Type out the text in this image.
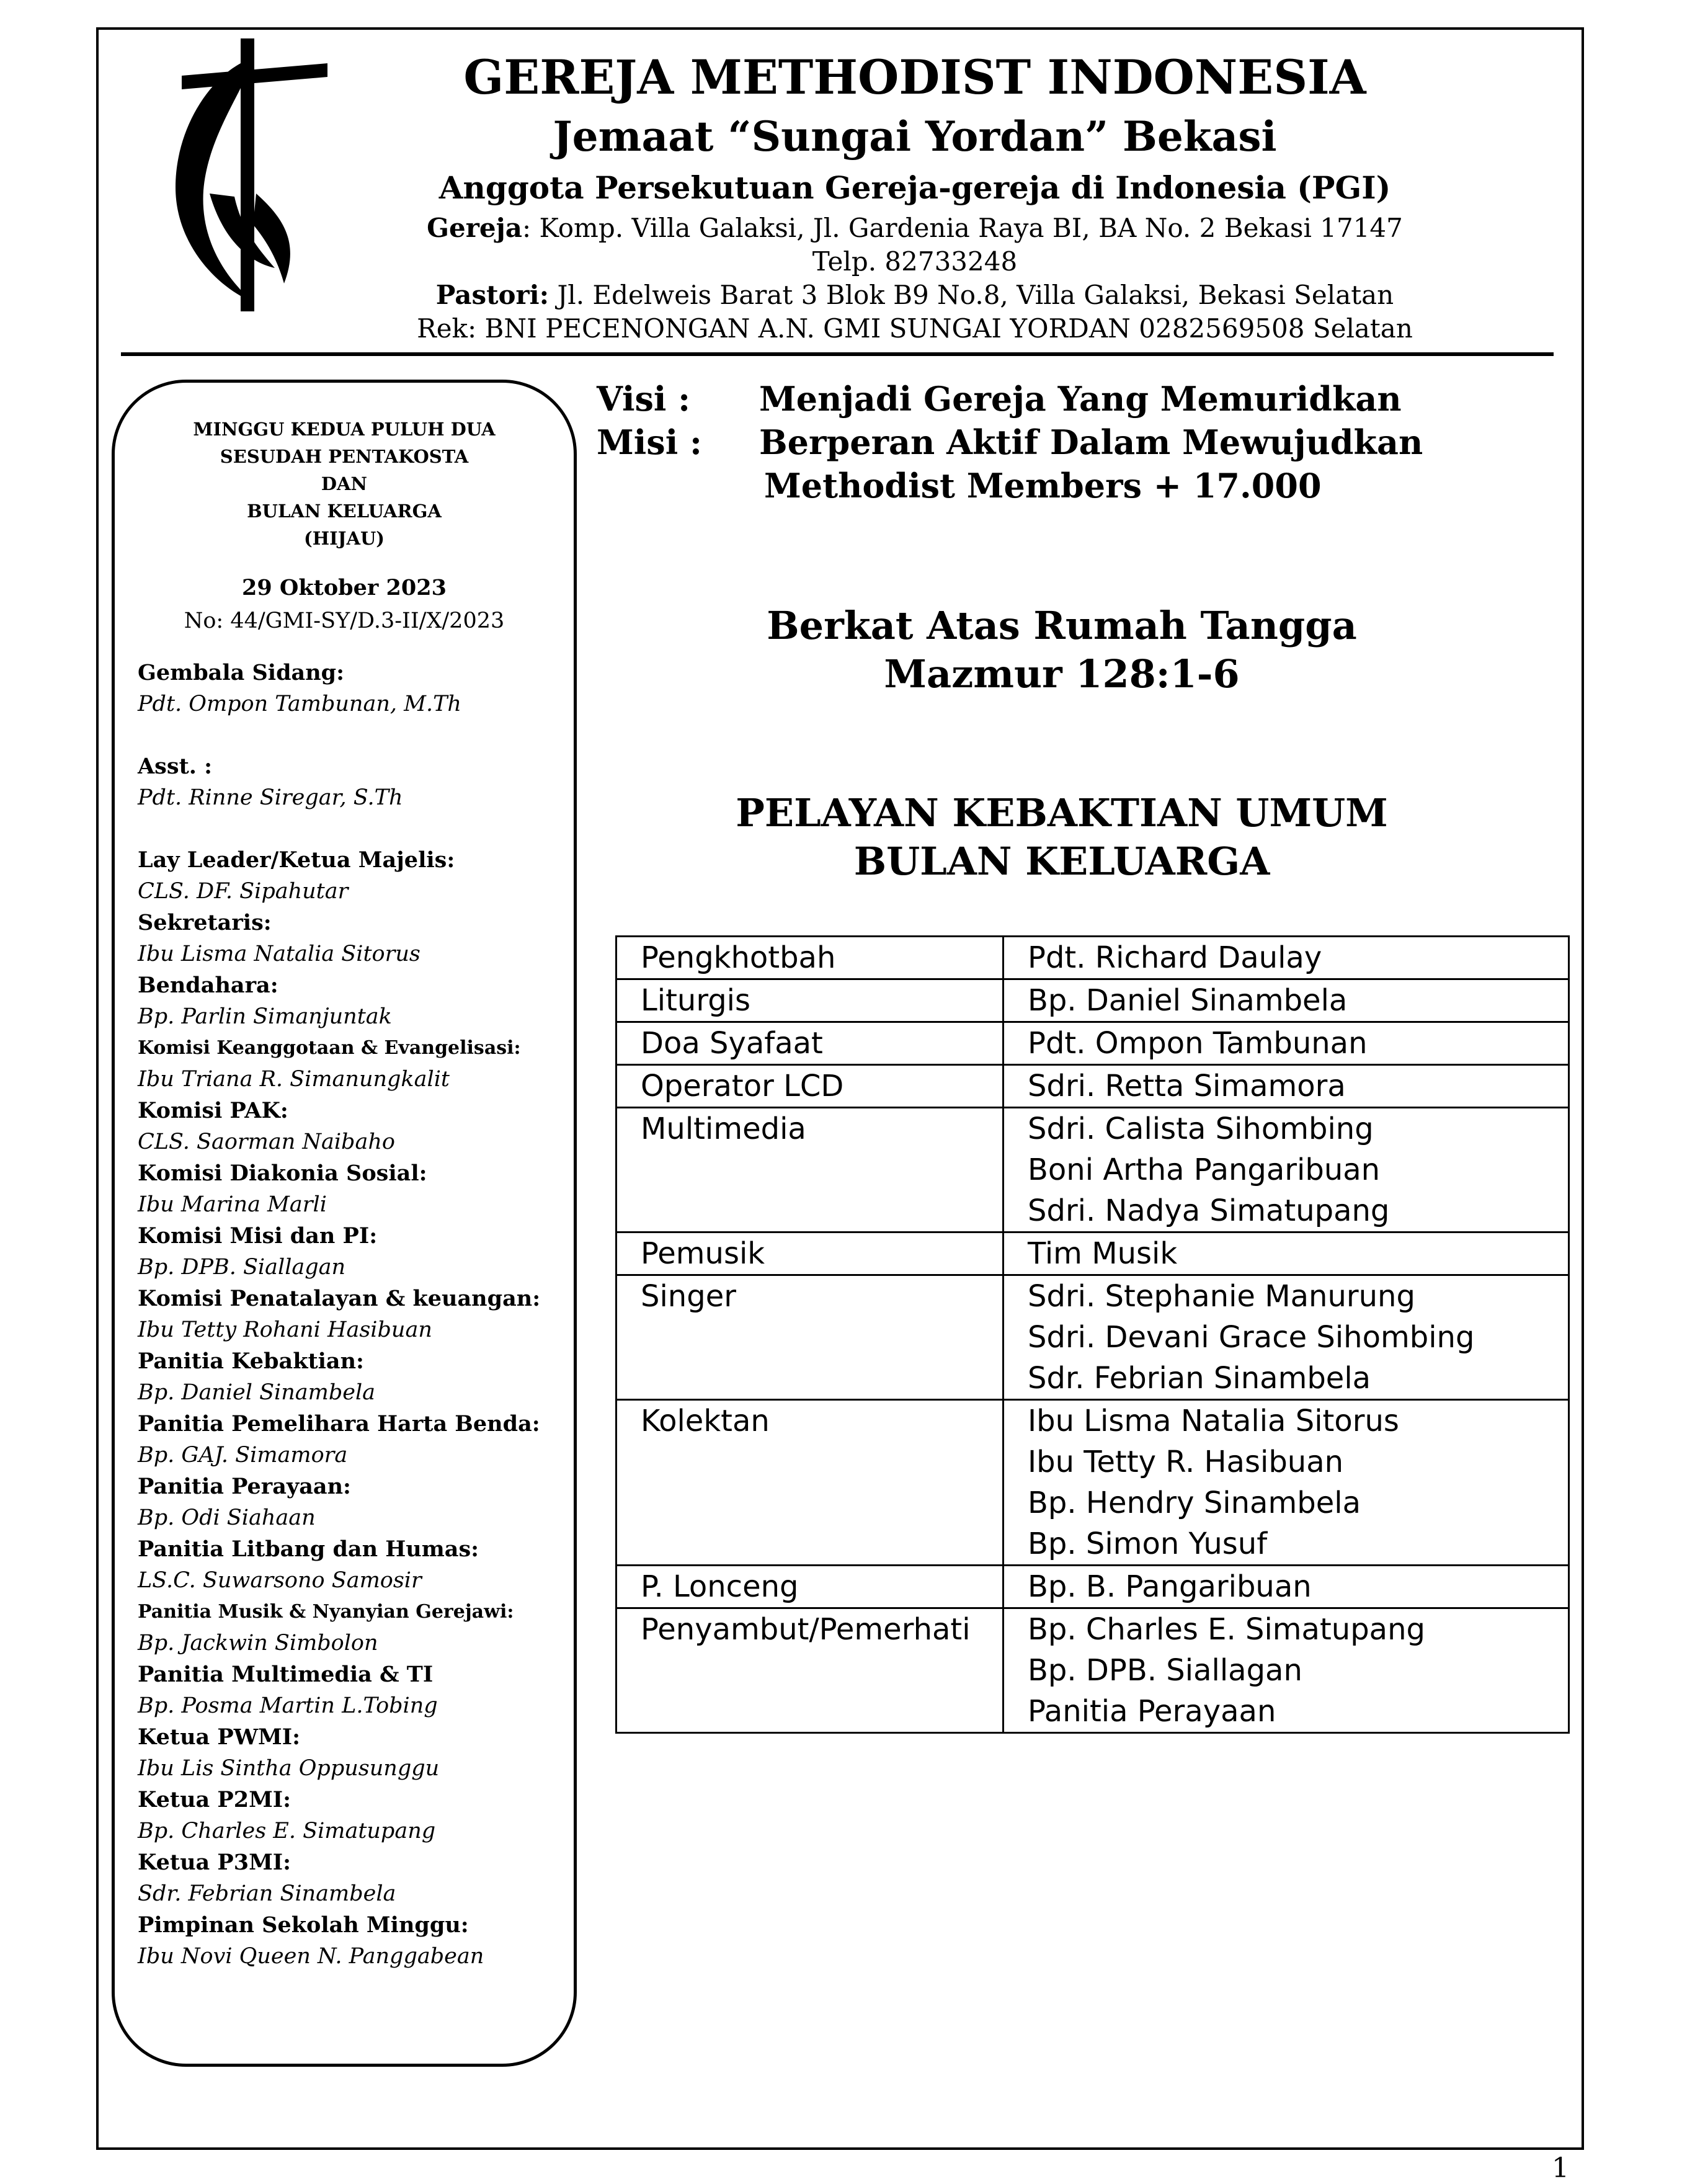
GEREJA METHODIST INDONESIA
Jemaat “Sungai Yordan” Bekasi
Anggota Persekutuan Gereja-gereja di Indonesia (PGI)
Gereja: Komp. Villa Galaksi, Jl. Gardenia Raya BI, BA No. 2 Bekasi 17147
Telp. 82733248
Pastori: Jl. Edelweis Barat 3 Blok B9 No.8, Villa Galaksi, Bekasi Selatan
Rek: BNI PECENONGAN A.N. GMI SUNGAI YORDAN 0282569508 Selatan
MINGGU KEDUA PULUH DUA
SESUDAH PENTAKOSTA
DAN
BULAN KELUARGA
(HIJAU)
29 Oktober 2023
No: 44/GMI-SY/D.3-II/X/2023
Gembala Sidang:
Pdt. Ompon Tambunan, M.Th
Asst. :
Pdt. Rinne Siregar, S.Th
Lay Leader/Ketua Majelis:
CLS. DF. Sipahutar
Sekretaris:
Ibu Lisma Natalia Sitorus
Bendahara:
Bp. Parlin Simanjuntak
Komisi Keanggotaan & Evangelisasi:
Ibu Triana R. Simanungkalit
Komisi PAK:
CLS. Saorman Naibaho
Komisi Diakonia Sosial:
Ibu Marina Marli
Komisi Misi dan PI:
Bp. DPB. Siallagan
Komisi Penatalayan & keuangan:
Ibu Tetty Rohani Hasibuan
Panitia Kebaktian:
Bp. Daniel Sinambela
Panitia Pemelihara Harta Benda:
Bp. GAJ. Simamora
Panitia Perayaan:
Bp. Odi Siahaan
Panitia Litbang dan Humas:
LS.C. Suwarsono Samosir
Panitia Musik & Nyanyian Gerejawi:
Bp. Jackwin Simbolon
Panitia Multimedia & TI
Bp. Posma Martin L.Tobing
Ketua PWMI:
Ibu Lis Sintha Oppusunggu
Ketua P2MI:
Bp. Charles E. Simatupang
Ketua P3MI:
Sdr. Febrian Sinambela
Pimpinan Sekolah Minggu:
Ibu Novi Queen N. Panggabean
Visi : Menjadi Gereja Yang Memuridkan
Misi : Berperan Aktif Dalam Mewujudkan
Methodist Members + 17.000
Berkat Atas Rumah Tangga
Mazmur 128:1-6
PELAYAN KEBAKTIAN UMUM
BULAN KELUARGA
Pengkhotbah	Pdt. Richard Daulay

Liturgis	Bp. Daniel Sinambela

Doa Syafaat	Pdt. Ompon Tambunan

Operator LCD	Sdri. Retta Simamora

Multimedia	Sdri. Calista Sihombing
Boni Artha Pangaribuan
Sdri. Nadya Simatupang

Pemusik	Tim Musik

Singer	Sdri. Stephanie Manurung
Sdri. Devani Grace Sihombing
Sdr. Febrian Sinambela

Kolektan	Ibu Lisma Natalia Sitorus
Ibu Tetty R. Hasibuan
Bp. Hendry Sinambela
Bp. Simon Yusuf

P. Lonceng	Bp. B. Pangaribuan

Penyambut/Pemerhati	Bp. Charles E. Simatupang
Bp. DPB. Siallagan
Panitia Perayaan
1
